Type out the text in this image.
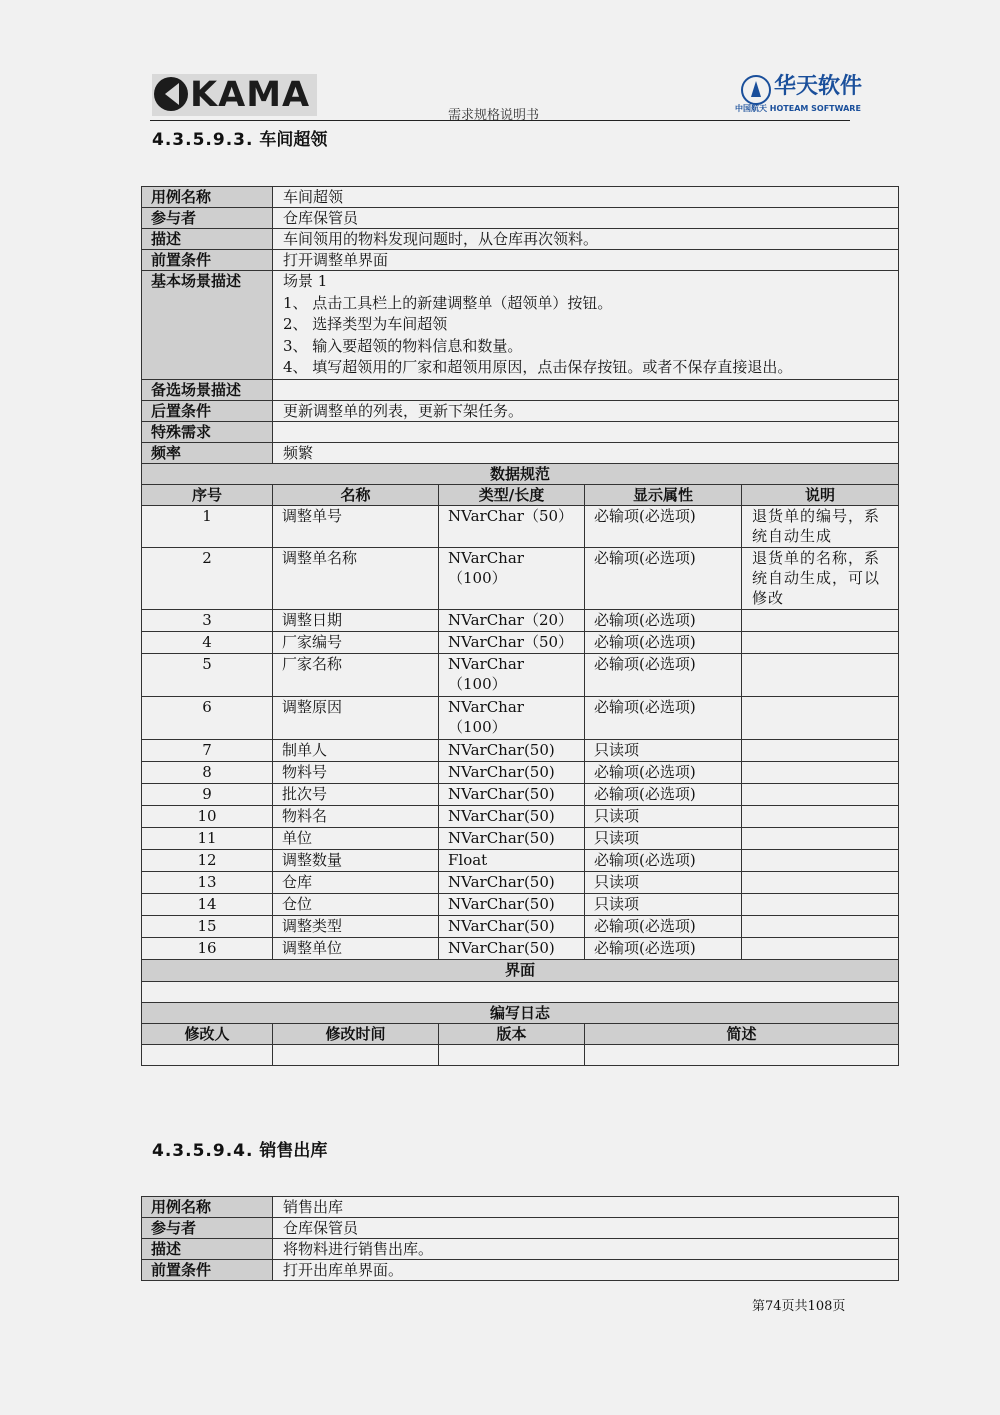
KAMA	华天软件
中国航天 HOTEAM SOFTWARE
需求规格说明书
4.3.5.9.3. 车间超领
用例名称	车间超领			
参与者	仓库保管员			
描述	车间领用的物料发现问题时，从仓库再次领料。			
前置条件	打开调整单界面			
基本场景描述	场景 1
1、 点击工具栏上的新建调整单（超领单）按钮。
2、 选择类型为车间超领
3、 输入要超领的物料信息和数量。
4、 填写超领用的厂家和超领用原因，点击保存按钮。或者不保存直接退出。			

备选场景描述				
后置条件	更新调整单的列表，更新下架任务。			
特殊需求				
频率	频繁			
数据规范				
序号	名称	类型/长度	显示属性	说明
1	调整单号	NVarChar（50）	必输项(必选项)	退货单的编号，系统自动生成
2	调整单名称	NVarChar（100）	必输项(必选项)	退货单的名称，系统自动生成，可以修改
3	调整日期	NVarChar（20）	必输项(必选项)	
4	厂家编号	NVarChar（50）	必输项(必选项)	
5	厂家名称	NVarChar（100）	必输项(必选项)	
6	调整原因	NVarChar（100）	必输项(必选项)	
7	制单人	NVarChar(50)	只读项	
8	物料号	NVarChar(50)	必输项(必选项)	
9	批次号	NVarChar(50)	必输项(必选项)	
10	物料名	NVarChar(50)	只读项	
11	单位	NVarChar(50)	只读项	
12	调整数量	Float	必输项(必选项)	
13	仓库	NVarChar(50)	只读项	
14	仓位	NVarChar(50)	只读项	
15	调整类型	NVarChar(50)	必输项(必选项)	
16	调整单位	NVarChar(50)	必输项(必选项)	
界面				

编写日志				
修改人	修改时间	版本	简述	

4.3.5.9.4. 销售出库
用例名称	销售出库
参与者	仓库保管员
描述	将物料进行销售出库。
前置条件	打开出库单界面。
第74页共108页
